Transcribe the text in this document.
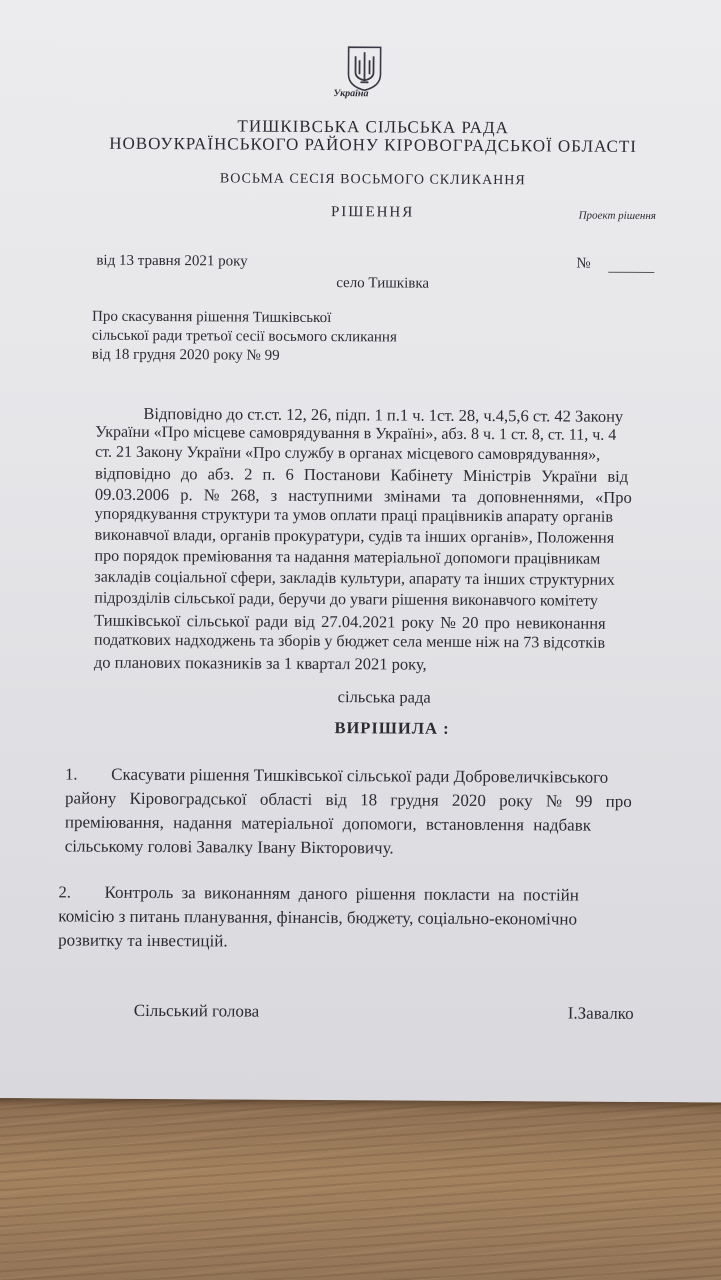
Україна
ТИШКІВСЬКА СІЛЬСЬКА РАДА
НОВОУКРАЇНСЬКОГО РАЙОНУ КІРОВОГРАДСЬКОЇ ОБЛАСТІ
ВОСЬМА СЕСІЯ ВОСЬМОГО СКЛИКАННЯ
РІШЕННЯ	Проект рішення
від 13 травня 2021 року	№
село Тишківка
Про скасування рішення Тишківської
сільської ради третьої сесії восьмого скликання
від 18 грудня 2020 року № 99
Відповідно до ст.ст. 12, 26, підп. 1 п.1 ч. 1ст. 28, ч.4,5,6 ст. 42 Закону
України «Про місцеве самоврядування в Україні», абз. 8 ч. 1 ст. 8, ст. 11, ч. 4
ст. 21 Закону України «Про службу в органах місцевого самоврядування»,
відповідно до абз. 2 п. 6 Постанови Кабінету Міністрів України від
09.03.2006 р. № 268, з наступними змінами та доповненнями, «Про
упорядкування структури та умов оплати праці працівників апарату органів
виконавчої влади, органів прокуратури, судів та інших органів», Положення
про порядок преміювання та надання матеріальної допомоги працівникам
закладів соціальної сфери, закладів культури, апарату та інших структурних
підрозділів сільської ради, беручи до уваги рішення виконавчого комітету
Тишківської сільської ради від 27.04.2021 року № 20 про невиконання
податкових надходжень та зборів у бюджет села менше ніж на 73 відсотків
до планових показників за 1 квартал 2021 року,
сільська рада
ВИРІШИЛА :
1. Скасувати рішення Тишківської сільської ради Добровеличківського
району Кіровоградської області від 18 грудня 2020 року № 99 про
преміювання, надання матеріальної допомоги, встановлення надбавк
сільському голові Завалку Івану Вікторовичу.
2. Контроль за виконанням даного рішення покласти на постійн
комісію з питань планування, фінансів, бюджету, соціально-економічно
розвитку та інвестицій.
Сільський голова	І.Завалко
